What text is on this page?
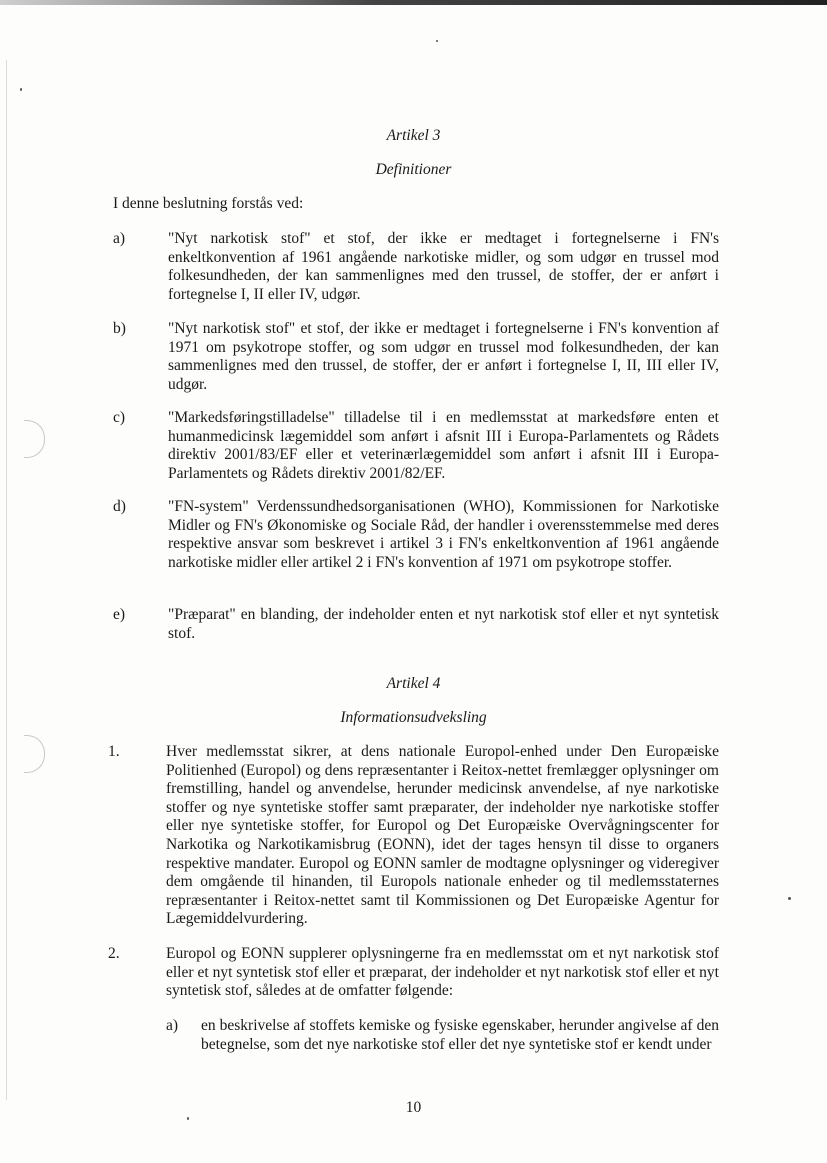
Artikel 3
Definitioner
I denne beslutning forstås ved:
a)	"Nyt narkotisk stof" et stof, der ikke er medtaget i fortegnelserne i FN's enkeltkonvention af 1961 angående narkotiske midler, og som udgør en trussel mod folkesundheden, der kan sammenlignes med den trussel, de stoffer, der er anført i fortegnelse I, II eller IV, udgør.
b)	"Nyt narkotisk stof" et stof, der ikke er medtaget i fortegnelserne i FN's konvention af 1971 om psykotrope stoffer, og som udgør en trussel mod folkesundheden, der kan sammenlignes med den trussel, de stoffer, der er anført i fortegnelse I, II, III eller IV, udgør.
c)	"Markedsføringstilladelse" tilladelse til i en medlemsstat at markedsføre enten et humanmedicinsk lægemiddel som anført i afsnit III i Europa-Parlamentets og Rådets direktiv 2001/83/EF eller et veterinærlægemiddel som anført i afsnit III i Europa-Parlamentets og Rådets direktiv 2001/82/EF.
d)	"FN-system" Verdenssundhedsorganisationen (WHO), Kommissionen for Narkotiske Midler og FN's Økonomiske og Sociale Råd, der handler i overensstemmelse med deres respektive ansvar som beskrevet i artikel 3 i FN's enkeltkonvention af 1961 angående narkotiske midler eller artikel 2 i FN's konvention af 1971 om psykotrope stoffer.
e)	"Præparat" en blanding, der indeholder enten et nyt narkotisk stof eller et nyt syntetisk stof.
Artikel 4
Informationsudveksling
1.	Hver medlemsstat sikrer, at dens nationale Europol-enhed under Den Europæiske Politienhed (Europol) og dens repræsentanter i Reitox-nettet fremlægger oplysninger om fremstilling, handel og anvendelse, herunder medicinsk anvendelse, af nye narkotiske stoffer og nye syntetiske stoffer samt præparater, der indeholder nye narkotiske stoffer eller nye syntetiske stoffer, for Europol og Det Europæiske Overvågningscenter for Narkotika og Narkotikamisbrug (EONN), idet der tages hensyn til disse to organers respektive mandater. Europol og EONN samler de modtagne oplysninger og videregiver dem omgående til hinanden, til Europols nationale enheder og til medlemsstaternes repræsentanter i Reitox-nettet samt til Kommissionen og Det Europæiske Agentur for Lægemiddelvurdering.
2.	Europol og EONN supplerer oplysningerne fra en medlemsstat om et nyt narkotisk stof eller et nyt syntetisk stof eller et præparat, der indeholder et nyt narkotisk stof eller et nyt syntetisk stof, således at de omfatter følgende:
a) en beskrivelse af stoffets kemiske og fysiske egenskaber, herunder angivelse af den betegnelse, som det nye narkotiske stof eller det nye syntetiske stof er kendt under
10
